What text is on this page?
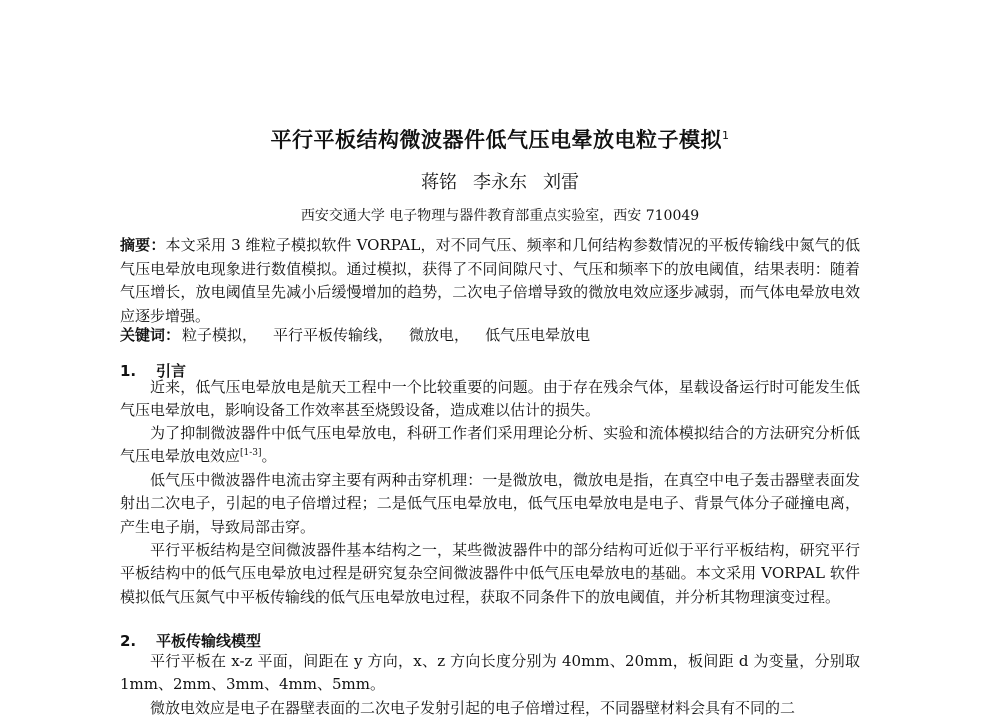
平行平板结构微波器件低气压电晕放电粒子模拟$^1$
蒋铭 李永东 刘雷
西安交通大学 电子物理与器件教育部重点实验室，西安 710049
摘要：本文采用 3 维粒子模拟软件 VORPAL，对不同气压、频率和几何结构参数情况的平板传输线中氮气的低气压电晕放电现象进行数值模拟。通过模拟，获得了不同间隙尺寸、气压和频率下的放电阈值，结果表明：随着气压增长，放电阈值呈先减小后缓慢增加的趋势，二次电子倍增导致的微放电效应逐步减弱，而气体电晕放电效应逐步增强。
关键词： 粒子模拟， 平行平板传输线， 微放电， 低气压电晕放电
1. 引言
近来，低气压电晕放电是航天工程中一个比较重要的问题。由于存在残余气体，星载设备运行时可能发生低气压电晕放电，影响设备工作效率甚至烧毁设备，造成难以估计的损失。
为了抑制微波器件中低气压电晕放电，科研工作者们采用理论分析、实验和流体模拟结合的方法研究分析低气压电晕放电效应[1-3]。
低气压中微波器件电流击穿主要有两种击穿机理：一是微放电，微放电是指，在真空中电子轰击器壁表面发射出二次电子，引起的电子倍增过程；二是低气压电晕放电，低气压电晕放电是电子、背景气体分子碰撞电离，产生电子崩，导致局部击穿。
平行平板结构是空间微波器件基本结构之一，某些微波器件中的部分结构可近似于平行平板结构，研究平行平板结构中的低气压电晕放电过程是研究复杂空间微波器件中低气压电晕放电的基础。本文采用 VORPAL 软件模拟低气压氮气中平板传输线的低气压电晕放电过程，获取不同条件下的放电阈值，并分析其物理演变过程。
2. 平板传输线模型
平行平板在 x-z 平面，间距在 y 方向，x、z 方向长度分别为 40mm、20mm，板间距 d 为变量，分别取 1mm、2mm、3mm、4mm、5mm。
微放电效应是电子在器壁表面的二次电子发射引起的电子倍增过程，不同器壁材料会具有不同的二
